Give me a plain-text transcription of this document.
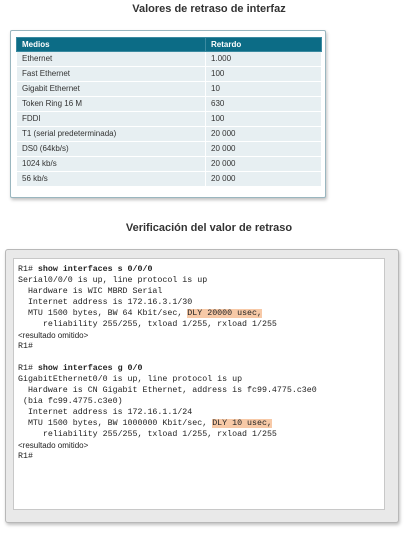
Valores de retraso de interfaz
Medios	Retardo
Ethernet	1.000
Fast Ethernet	100
Gigabit Ethernet	10
Token Ring 16 M	630
FDDI	100
T1 (serial predeterminada)	20 000
DS0 (64kb/s)	20 000
1024 kb/s	20 000
56 kb/s	20 000
Verificación del valor de retraso
R1# show interfaces s 0/0/0
Serial0/0/0 is up, line protocol is up
Hardware is WIC MBRD Serial
Internet address is 172.16.3.1/30
MTU 1500 bytes, BW 64 Kbit/sec, DLY 20000 usec,
reliability 255/255, txload 1/255, rxload 1/255
<resultado omitido>
R1#
R1# show interfaces g 0/0
GigabitEthernet0/0 is up, line protocol is up
Hardware is CN Gigabit Ethernet, address is fc99.4775.c3e0
(bia fc99.4775.c3e0)
Internet address is 172.16.1.1/24
MTU 1500 bytes, BW 1000000 Kbit/sec, DLY 10 usec,
reliability 255/255, txload 1/255, rxload 1/255
<resultado omitido>
R1#
